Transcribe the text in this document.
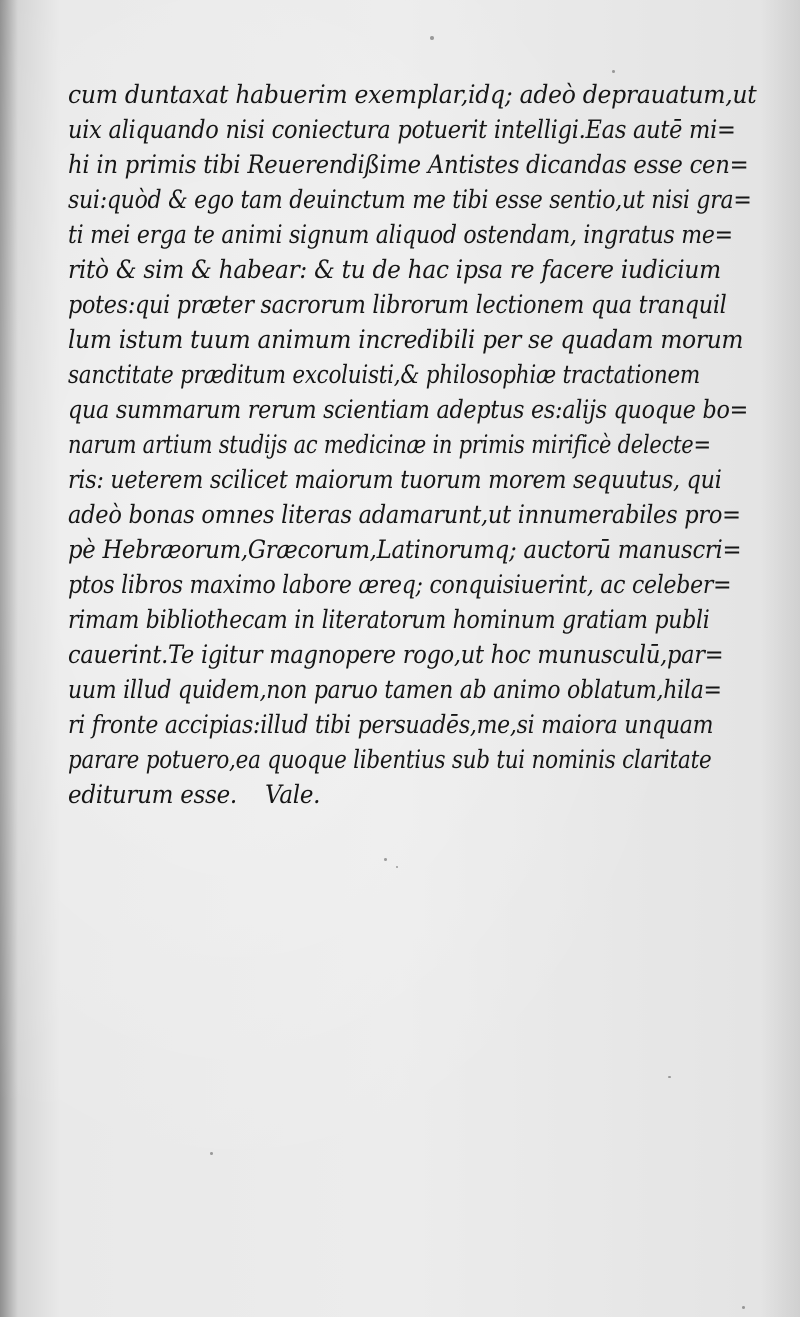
cum duntaxat habuerim exemplar,idq; adeò deprauatum,ut
uix aliquando nisi coniectura potuerit intelligi.Eas autē mi=
hi in primis tibi Reuerendißime Antistes dicandas esse cen=
sui:quòd & ego tam deuinctum me tibi esse sentio,ut nisi gra=
ti mei erga te animi signum aliquod ostendam, ingratus me=
ritò & sim & habear: & tu de hac ipsa re facere iudicium
potes:qui præter sacrorum librorum lectionem qua tranquil
lum istum tuum animum incredibili per se quadam morum
sanctitate præditum excoluisti,& philosophiæ tractationem
qua summarum rerum scientiam adeptus es:alijs quoque bo=
narum artium studijs ac medicinæ in primis mirificè delecte=
ris: ueterem scilicet maiorum tuorum morem sequutus, qui
adeò bonas omnes literas adamarunt,ut innumerabiles pro=
pè Hebræorum,Græcorum,Latinorumq; auctorū manuscri=
ptos libros maximo labore æreq; conquisiuerint, ac celeber=
rimam bibliothecam in literatorum hominum gratiam publi
cauerint.Te igitur magnopere rogo,ut hoc munusculū,par=
uum illud quidem,non paruo tamen ab animo oblatum,hila=
ri fronte accipias:illud tibi persuadēs,me,si maiora unquam
parare potuero,ea quoque libentius sub tui nominis claritate
editurum esse.    Vale.
